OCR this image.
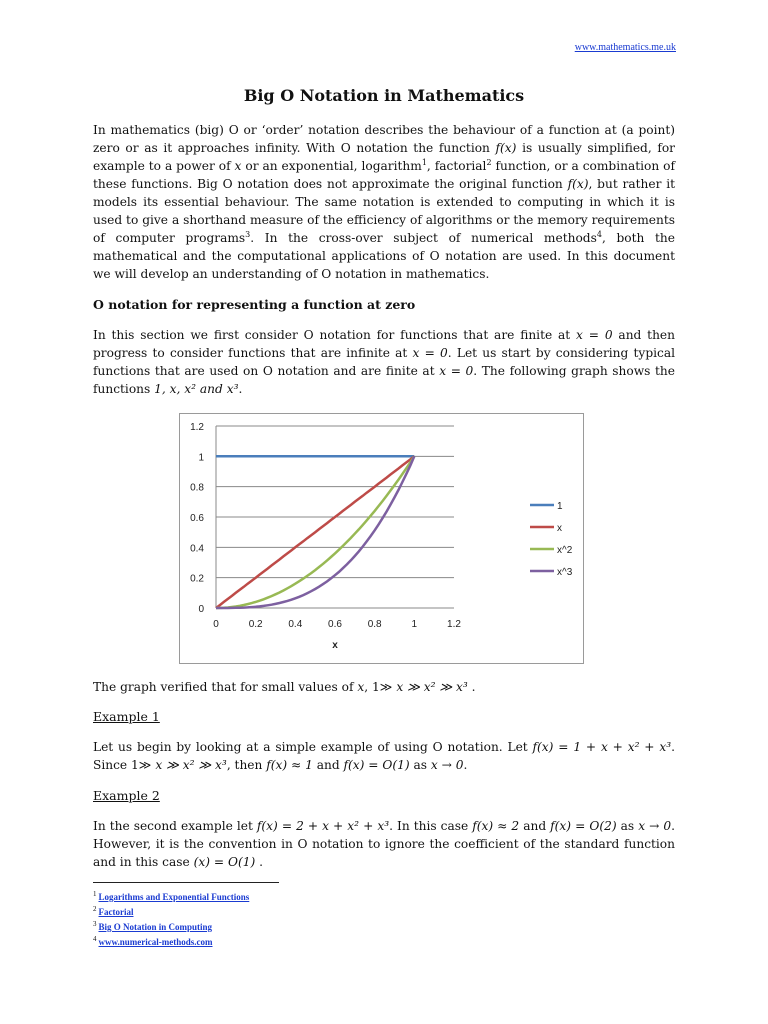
www.mathematics.me.uk
Big O Notation in Mathematics

In mathematics (big) O or ‘order’ notation describes the behaviour of a function at (a point) zero or as it approaches infinity. With O notation the function f(x) is usually simplified, for example to a power of x or an exponential, logarithm$^1$, factorial$^2$ function, or a combination of these functions. Big O notation does not approximate the original function f(x), but rather it models its essential behaviour. The same notation is extended to computing in which it is used to give a shorthand measure of the efficiency of algorithms or the memory requirements of computer programs$^3$. In the cross-over subject of numerical methods$^4$, both the mathematical and the computational applications of O notation are used. In this document we will develop an understanding of O notation in mathematics.

O notation for representing a function at zero

In this section we first consider O notation for functions that are finite at x = 0 and then progress to consider functions that are infinite at x = 0. Let us start by considering typical functions that are used on O notation and are finite at x = 0. The following graph shows the functions 1, x, x² and x³.

0
0.2
0.4
0.6
0.8
1
1.2
0	0.2	0.4	0.6	0.8	1	1.2
x
1
x
x^2
x^3

The graph verified that for small values of x, 1≫ x ≫ x² ≫ x³ .

Example 1

Let us begin by looking at a simple example of using O notation. Let f(x) = 1 + x + x² + x³. Since 1≫ x ≫ x² ≫ x³, then f(x) ≈ 1 and f(x) = O(1) as x → 0.

Example 2

In the second example let f(x) = 2 + x + x² + x³. In this case f(x) ≈ 2 and f(x) = O(2) as x → 0. However, it is the convention in O notation to ignore the coefficient of the standard function and in this case (x) = O(1) .

$^1$ Logarithms and Exponential Functions
$^2$ Factorial
$^3$ Big O Notation in Computing
$^4$ www.numerical-methods.com
